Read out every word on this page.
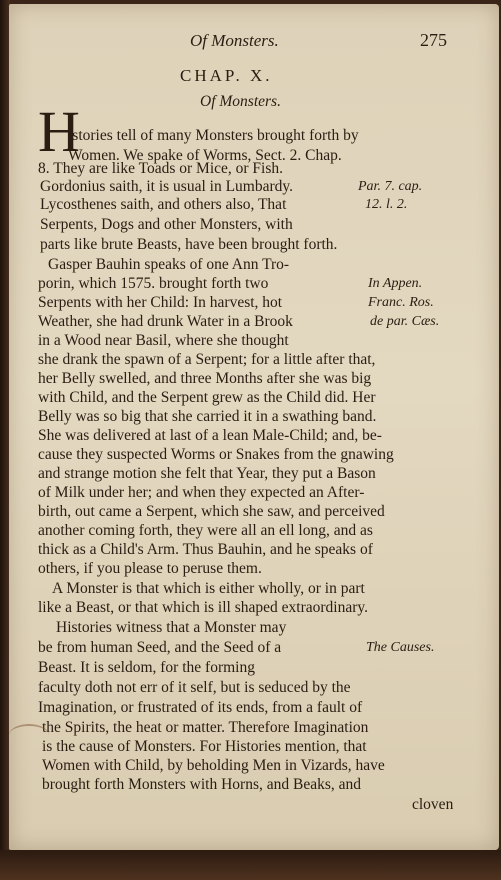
Of Monsters.	275
CHAP. X.
Of Monsters.
H
istories tell of many Monsters brought forth by
Women. We spake of Worms, Sect. 2. Chap.
8. They are like Toads or Mice, or Fish.
Gordonius saith, it is usual in Lumbardy.
Lycosthenes saith, and others also, That
Serpents, Dogs and other Monsters, with
parts like brute Beasts, have been brought forth.
Gasper Bauhin speaks of one Ann Tro-
porin, which 1575. brought forth two
Serpents with her Child: In harvest, hot
Weather, she had drunk Water in a Brook
in a Wood near Basil, where she thought
she drank the spawn of a Serpent; for a little after that,
her Belly swelled, and three Months after she was big
with Child, and the Serpent grew as the Child did. Her
Belly was so big that she carried it in a swathing band.
She was delivered at last of a lean Male-Child; and, be-
cause they suspected Worms or Snakes from the gnawing
and strange motion she felt that Year, they put a Bason
of Milk under her; and when they expected an After-
birth, out came a Serpent, which she saw, and perceived
another coming forth, they were all an ell long, and as
thick as a Child's Arm. Thus Bauhin, and he speaks of
others, if you please to peruse them.
A Monster is that which is either wholly, or in part
like a Beast, or that which is ill shaped extraordinary.
Histories witness that a Monster may
be from human Seed, and the Seed of a
Beast. It is seldom, for the forming
faculty doth not err of it self, but is seduced by the
Imagination, or frustrated of its ends, from a fault of
the Spirits, the heat or matter. Therefore Imagination
is the cause of Monsters. For Histories mention, that
Women with Child, by beholding Men in Vizards, have
brought forth Monsters with Horns, and Beaks, and
Par. 7. cap.
12. l. 2.
In Appen.
Franc. Ros.
de par. Cæs.
The Causes.
cloven
